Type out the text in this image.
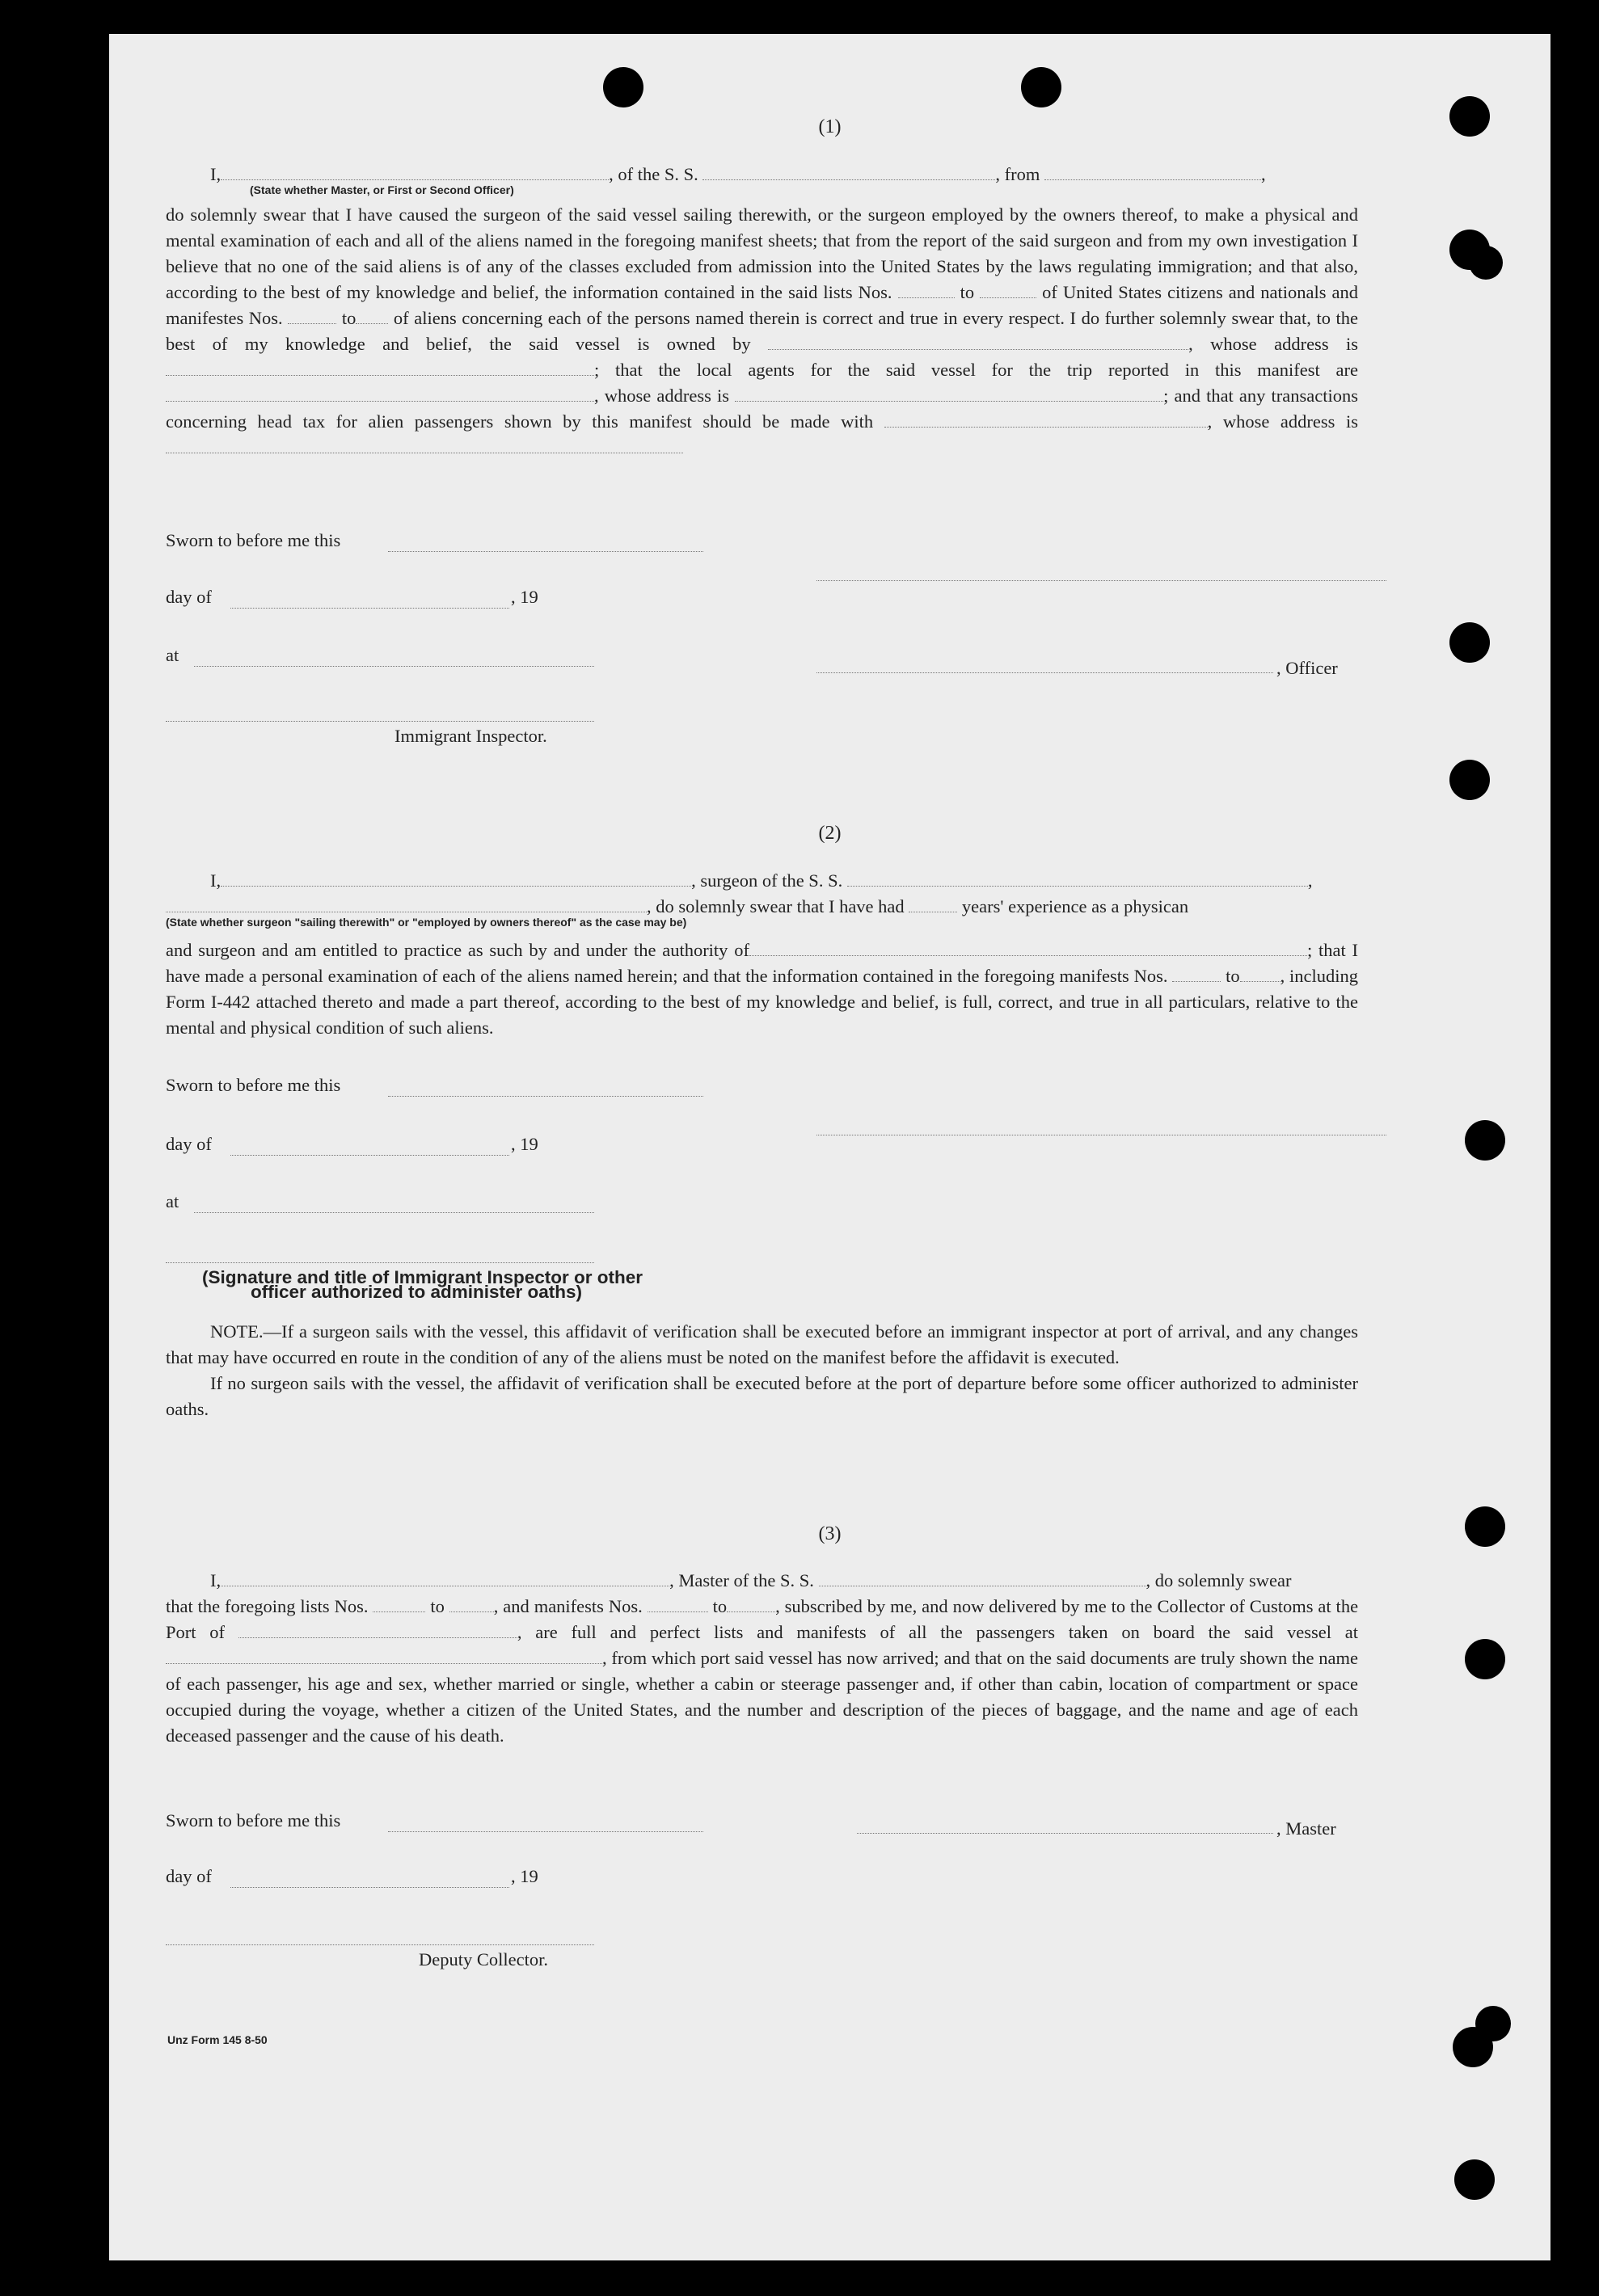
(1)

I,	, of the S. S.	, from	,

(State whether Master, or First or Second Officer)

do solemnly swear that I have caused the surgeon of the said vessel sailing therewith, or the surgeon employed by the owners thereof, to make a physical and mental examination of each and all of the aliens named in the foregoing manifest sheets; that from the report of the said surgeon and from my own investigation I believe that no one of the said aliens is of any of the classes excluded from admission into the United States by the laws regulating immigration; and that also, according to the best of my knowledge and belief, the information contained in the said lists Nos.	to	of United States citizens and nationals and manifestes Nos.	to of aliens concerning each of the persons named therein is correct and true in every respect. I do further solemnly swear that, to the best of my knowledge and belief, the said vessel is owned by	, whose address is ; that the local agents for the said vessel for the trip reported in this manifest are , whose address is	; and that any transactions concerning head tax for alien passengers shown by this manifest should be made with	, whose address is

Sworn to before me this
day of	, 19
at
, Officer
Immigrant Inspector.
(2)

I,	, surgeon of the S. S.	,

, do solemnly swear that I have had	years' experience as a physican

(State whether surgeon "sailing therewith" or "employed by owners thereof" as the case may be)

and surgeon and am entitled to practice as such by and under the authority of	; that I have made a personal examination of each of the aliens named herein; and that the information contained in the foregoing manifests Nos.	to , including Form I-442 attached thereto and made a part thereof, according to the best of my knowledge and belief, is full, correct, and true in all particulars, relative to the mental and physical condition of such aliens.

Sworn to before me this
day of	, 19
at
(Signature and title of Immigrant Inspector or other
officer authorized to administer oaths)

NOTE.—If a surgeon sails with the vessel, this affidavit of verification shall be executed before an immigrant inspector at port of arrival, and any changes that may have occurred en route in the condition of any of the aliens must be noted on the manifest before the affidavit is executed.

If no surgeon sails with the vessel, the affidavit of verification shall be executed before at the port of departure before some officer authorized to administer oaths.

(3)

I,	, Master of the S. S.	, do solemnly swear

that the foregoing lists Nos.	to	, and manifests Nos.	to	, subscribed by me, and now delivered by me to the Collector of Customs at the Port of	, are full and perfect lists and manifests of all the passengers taken on board the said vessel at , from which port said vessel has now arrived; and that on the said documents are truly shown the name of each passenger, his age and sex, whether married or single, whether a cabin or steerage passenger and, if other than cabin, location of compartment or space occupied during the voyage, whether a citizen of the United States, and the number and description of the pieces of baggage, and the name and age of each deceased passenger and the cause of his death.

Sworn to before me this	, Master
day of	, 19
Deputy Collector.
Unz Form 145 8-50
